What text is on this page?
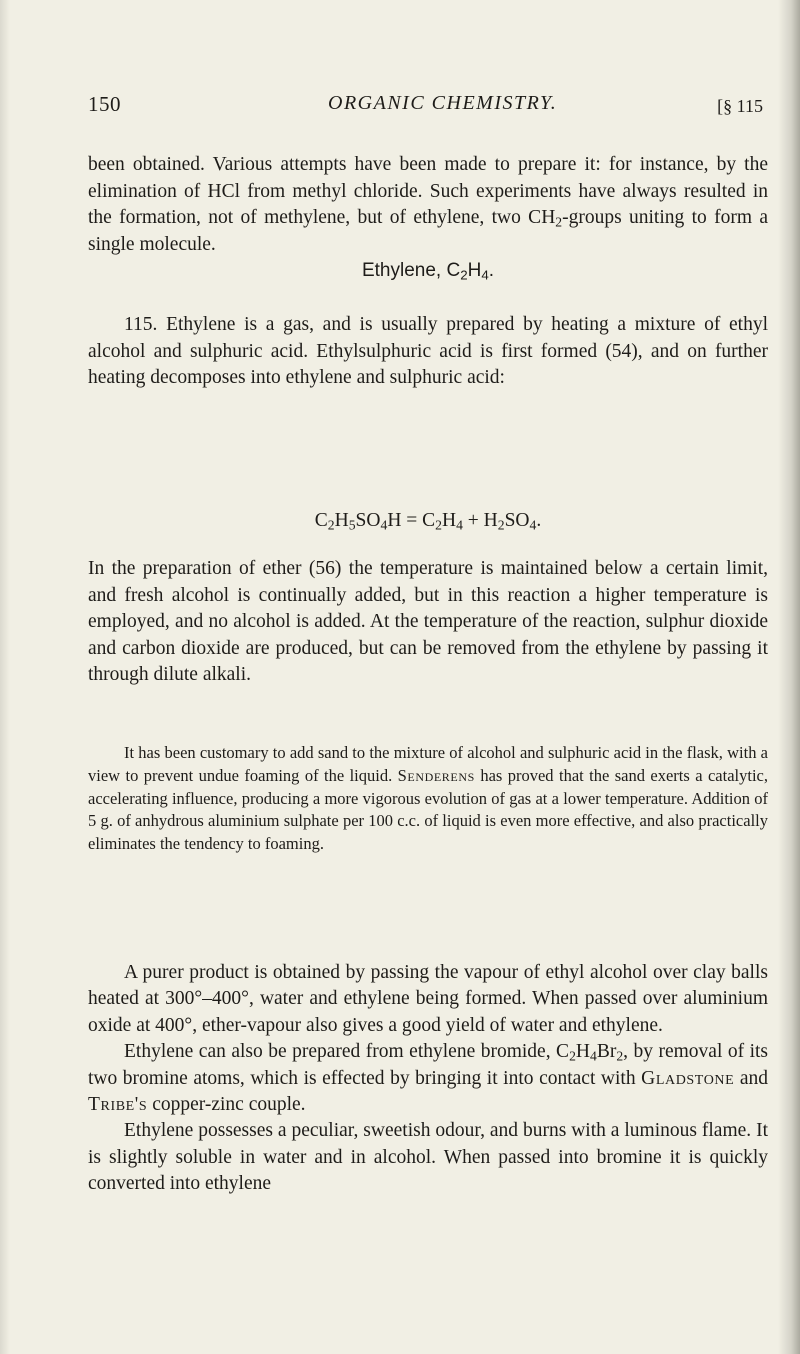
150	ORGANIC CHEMISTRY.	[§ 115

been obtained. Various attempts have been made to prepare it: for instance, by the elimination of HCl from methyl chloride. Such experiments have always resulted in the formation, not of methylene, but of ethylene, two $CH_2$-groups uniting to form a single molecule.

Ethylene, $C_2H_4$.

115. Ethylene is a gas, and is usually prepared by heating a mixture of ethyl alcohol and sulphuric acid. Ethylsulphuric acid is first formed (54), and on further heating decomposes into ethylene and sulphuric acid:

$C_2H_5SO_4H = C_2H_4 + H_2SO_4$.

In the preparation of ether (56) the temperature is maintained below a certain limit, and fresh alcohol is continually added, but in this reaction a higher temperature is employed, and no alcohol is added. At the temperature of the reaction, sulphur dioxide and carbon dioxide are produced, but can be removed from the ethylene by passing it through dilute alkali.

It has been customary to add sand to the mixture of alcohol and sulphuric acid in the flask, with a view to prevent undue foaming of the liquid. Senderens has proved that the sand exerts a catalytic, accelerating influence, producing a more vigorous evolution of gas at a lower temperature. Addition of 5 g. of anhydrous aluminium sulphate per 100 c.c. of liquid is even more effective, and also practically eliminates the tendency to foaming.

A purer product is obtained by passing the vapour of ethyl alcohol over clay balls heated at 300°–400°, water and ethylene being formed. When passed over aluminium oxide at 400°, ether-vapour also gives a good yield of water and ethylene.

Ethylene can also be prepared from ethylene bromide, $C_2H_4Br_2$, by removal of its two bromine atoms, which is effected by bringing it into contact with Gladstone and Tribe's copper-zinc couple.

Ethylene possesses a peculiar, sweetish odour, and burns with a luminous flame. It is slightly soluble in water and in alcohol. When passed into bromine it is quickly converted into ethylene
